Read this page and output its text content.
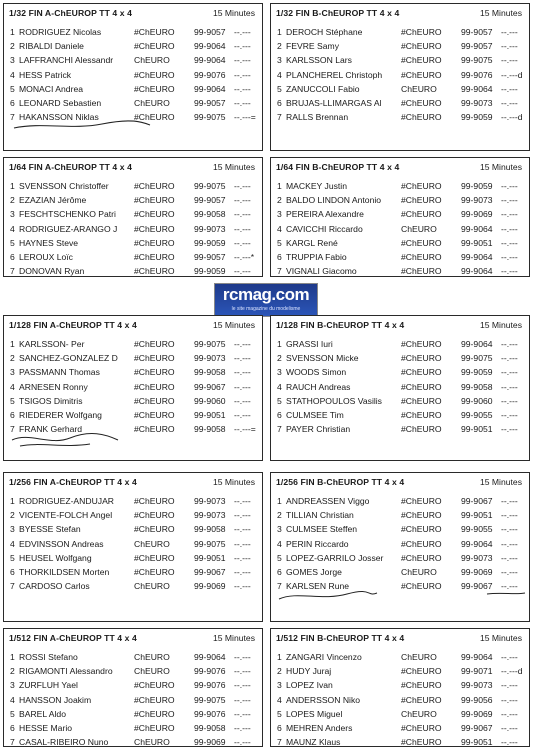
1/32 FIN A-ChEUROP TT 4 x 4	15 Minutes
1 RODRIGUEZ Nicolas	#ChEURO	99-9057 --.---
2 RIBALDI Daniele	#ChEURO	99-9064 --.---
3 LAFFRANCHI Alessandr	ChEURO	99-9064 --.---
4 HESS Patrick	#ChEURO	99-9076 --.---
5 MONACI Andrea	#ChEURO	99-9064 --.---
6 LEONARD Sebastien	ChEURO	99-9057 --.---
7 HAKANSSON Niklas	#ChEURO	99-9075 --.---=
1/32 FIN B-ChEUROP TT 4 x 4	15 Minutes
1 DEROCH Stéphane	#ChEURO	99-9057 --.---
2 FEVRE Samy	#ChEURO	99-9057 --.---
3 KARLSSON Lars	#ChEURO	99-9075 --.---
4 PLANCHEREL Christoph	#ChEURO	99-9076 --.---d
5 ZANUCCOLI Fabio	ChEURO	99-9064 --.---
6 BRUJAS-LLIMARGAS Al	#ChEURO	99-9073 --.---
7 RALLS Brennan	#ChEURO	99-9059 --.---d
1/64 FIN A-ChEUROP TT 4 x 4	15 Minutes
1 SVENSSON Christoffer	#ChEURO	99-9075 --.---
2 EZAZIAN Jérôme	#ChEURO	99-9057 --.---
3 FESCHTSCHENKO Patri	#ChEURO	99-9058 --.---
4 RODRIGUEZ-ARANGO J	#ChEURO	99-9073 --.---
5 HAYNES Steve	#ChEURO	99-9059 --.---
6 LEROUX Loïc	#ChEURO	99-9057 --.---*
7 DONOVAN Ryan	#ChEURO	99-9059 --.---
1/64 FIN B-ChEUROP TT 4 x 4	15 Minutes
1 MACKEY Justin	#ChEURO	99-9059 --.---
2 BALDO LINDON Antonio	#ChEURO	99-9073 --.---
3 PEREIRA Alexandre	#ChEURO	99-9069 --.---
4 CAVICCHI Riccardo	ChEURO	99-9064 --.---
5 KARGL René	#ChEURO	99-9051 --.---
6 TRUPPIA Fabio	#ChEURO	99-9064 --.---
7 VIGNALI Giacomo	#ChEURO	99-9064 --.---
rcmag.com
le site magazine du modelisme
1/128 FIN A-ChEUROP TT 4 x 4	15 Minutes
1 KARLSSON- Per	#ChEURO	99-9075 --.---
2 SANCHEZ-GONZALEZ D	#ChEURO	99-9073 --.---
3 PASSMANN Thomas	#ChEURO	99-9058 --.---
4 ARNESEN Ronny	#ChEURO	99-9067 --.---
5 TSIGOS Dimitris	#ChEURO	99-9060 --.---
6 RIEDERER Wolfgang	#ChEURO	99-9051 --.---
7 FRANK Gerhard	#ChEURO	99-9058 --.---=
1/128 FIN B-ChEUROP TT 4 x 4	15 Minutes
1 GRASSI Iuri	#ChEURO	99-9064 --.---
2 SVENSSON Micke	#ChEURO	99-9075 --.---
3 WOODS Simon	#ChEURO	99-9059 --.---
4 RAUCH Andreas	#ChEURO	99-9058 --.---
5 STATHOPOULOS Vasilis	#ChEURO	99-9060 --.---
6 CULMSEE Tim	#ChEURO	99-9055 --.---
7 PAYER Christian	#ChEURO	99-9051 --.---
1/256 FIN A-ChEUROP TT 4 x 4	15 Minutes
1 RODRIGUEZ-ANDUJAR	#ChEURO	99-9073 --.---
2 VICENTE-FOLCH Angel	#ChEURO	99-9073 --.---
3 BYESSE Stefan	#ChEURO	99-9058 --.---
4 EDVINSSON Andreas	ChEURO	99-9075 --.---
5 HEUSEL Wolfgang	#ChEURO	99-9051 --.---
6 THORKILDSEN Morten	#ChEURO	99-9067 --.---
7 CARDOSO Carlos	ChEURO	99-9069 --.---
1/256 FIN B-ChEUROP TT 4 x 4	15 Minutes
1 ANDREASSEN Viggo	#ChEURO	99-9067 --.---
2 TILLIAN Christian	#ChEURO	99-9051 --.---
3 CULMSEE Steffen	#ChEURO	99-9055 --.---
4 PERIN Riccardo	#ChEURO	99-9064 --.---
5 LOPEZ-GARRILO Josser	#ChEURO	99-9073 --.---
6 GOMES Jorge	ChEURO	99-9069 --.---
7 KARLSEN Rune	#ChEURO	99-9067 --.---
1/512 FIN A-ChEUROP TT 4 x 4	15 Minutes
1 ROSSI Stefano	ChEURO	99-9064 --.---
2 RIGAMONTI Alessandro	ChEURO	99-9076 --.---
3 ZURFLUH Yael	#ChEURO	99-9076 --.---
4 HANSSON Joakim	#ChEURO	99-9075 --.---
5 BAREL Aldo	#ChEURO	99-9076 --.---
6 HESSE Mario	#ChEURO	99-9058 --.---
7 CASAL-RIBEIRO Nuno	ChEURO	99-9069 --.---
1/512 FIN B-ChEUROP TT 4 x 4	15 Minutes
1 ZANGARI Vincenzo	ChEURO	99-9064 --.---
2 HUDY Juraj	#ChEURO	99-9071 --.---d
3 LOPEZ Ivan	#ChEURO	99-9073 --.---
4 ANDERSSON Niko	#ChEURO	99-9056 --.---
5 LOPES Miguel	ChEURO	99-9069 --.---
6 MEHREN Anders	#ChEURO	99-9067 --.---
7 MAUNZ Klaus	#ChEURO	99-9051 --.---
